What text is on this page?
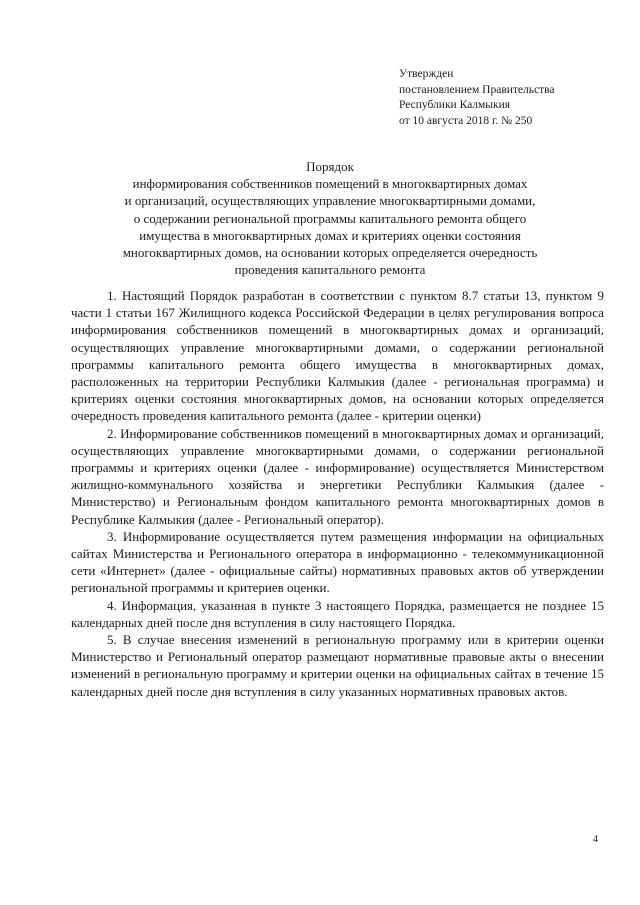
Утвержден
постановлением Правительства
Республики Калмыкия
от 10 августа 2018 г. № 250
Порядок
информирования собственников помещений в многоквартирных домах
и организаций, осуществляющих управление многоквартирными домами,
о содержании региональной программы капитального ремонта общего
имущества в многоквартирных домах и критериях оценки состояния
многоквартирных домов, на основании которых определяется очередность
проведения капитального ремонта

1. Настоящий Порядок разработан в соответствии с пунктом 8.7 статьи 13, пунктом 9 части 1 статьи 167 Жилищного кодекса Российской Федерации в целях регулирования вопроса информирования собственников помещений в многоквартирных домах и организаций, осуществляющих управление многоквартирными домами, о содержании региональной программы капитального ремонта общего имущества в многоквартирных домах, расположенных на территории Республики Калмыкия (далее - региональная программа) и критериях оценки состояния многоквартирных домов, на основании которых определяется очередность проведения капитального ремонта (далее - критерии оценки)

2. Информирование собственников помещений в многоквартирных домах и организаций, осуществляющих управление многоквартирными домами, о содержании региональной программы и критериях оценки (далее - информирование) осуществляется Министерством жилищно-коммунального хозяйства и энергетики Республики Калмыкия (далее - Министерство) и Региональным фондом капитального ремонта многоквартирных домов в Республике Калмыкия (далее - Региональный оператор).

3. Информирование осуществляется путем размещения информации на официальных сайтах Министерства и Регионального оператора в информационно - телекоммуникационной сети «Интернет» (далее - официальные сайты) нормативных правовых актов об утверждении региональной программы и критериев оценки.

4. Информация, указанная в пункте 3 настоящего Порядка, размещается не позднее 15 календарных дней после дня вступления в силу настоящего Порядка.

5. В случае внесения изменений в региональную программу или в критерии оценки Министерство и Региональный оператор размещают нормативные правовые акты о внесении изменений в региональную программу и критерии оценки на официальных сайтах в течение 15 календарных дней после дня вступления в силу указанных нормативных правовых актов.

4
